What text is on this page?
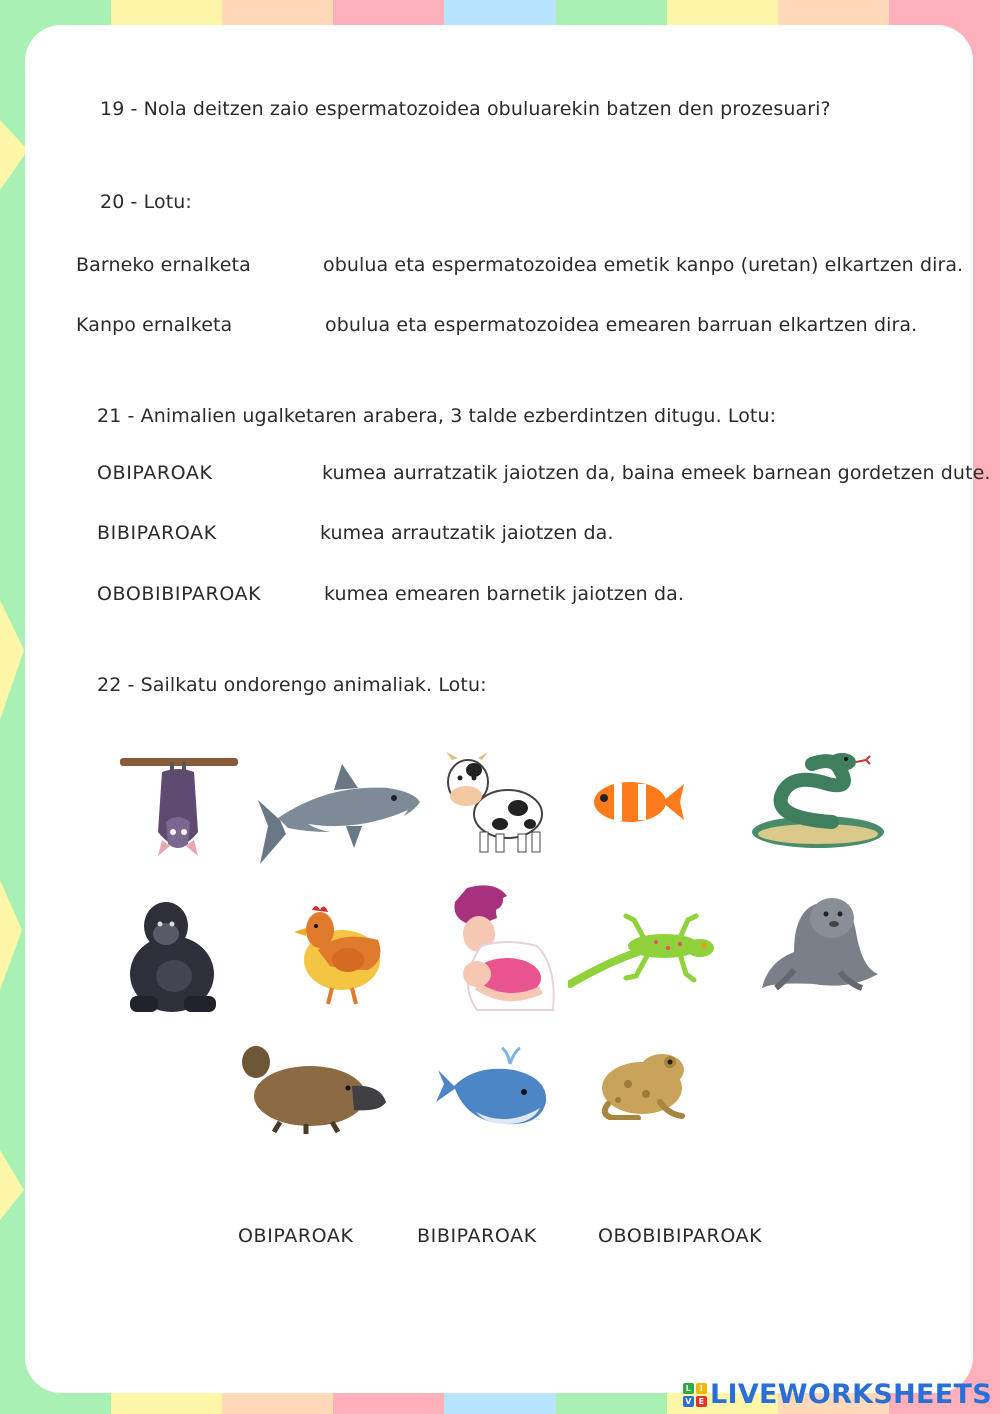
19 - Nola deitzen zaio espermatozoidea obuluarekin batzen den prozesuari?
20 - Lotu:
Barneko ernalketa	obulua eta espermatozoidea emetik kanpo (uretan) elkartzen dira.
Kanpo ernalketa	obulua eta espermatozoidea emearen barruan elkartzen dira.
21 - Animalien ugalketaren arabera, 3 talde ezberdintzen ditugu. Lotu:
OBIPAROAK	kumea aurratzatik jaiotzen da, baina emeek barnean gordetzen dute.
BIBIPAROAK	kumea arrautzatik jaiotzen da.
OBOBIBIPAROAK	kumea emearen barnetik jaiotzen da.
22 - Sailkatu ondorengo animaliak. Lotu:
OBIPAROAK	BIBIPAROAK	OBOBIBIPAROAK
L	I
V E LIVEWORKSHEETS
